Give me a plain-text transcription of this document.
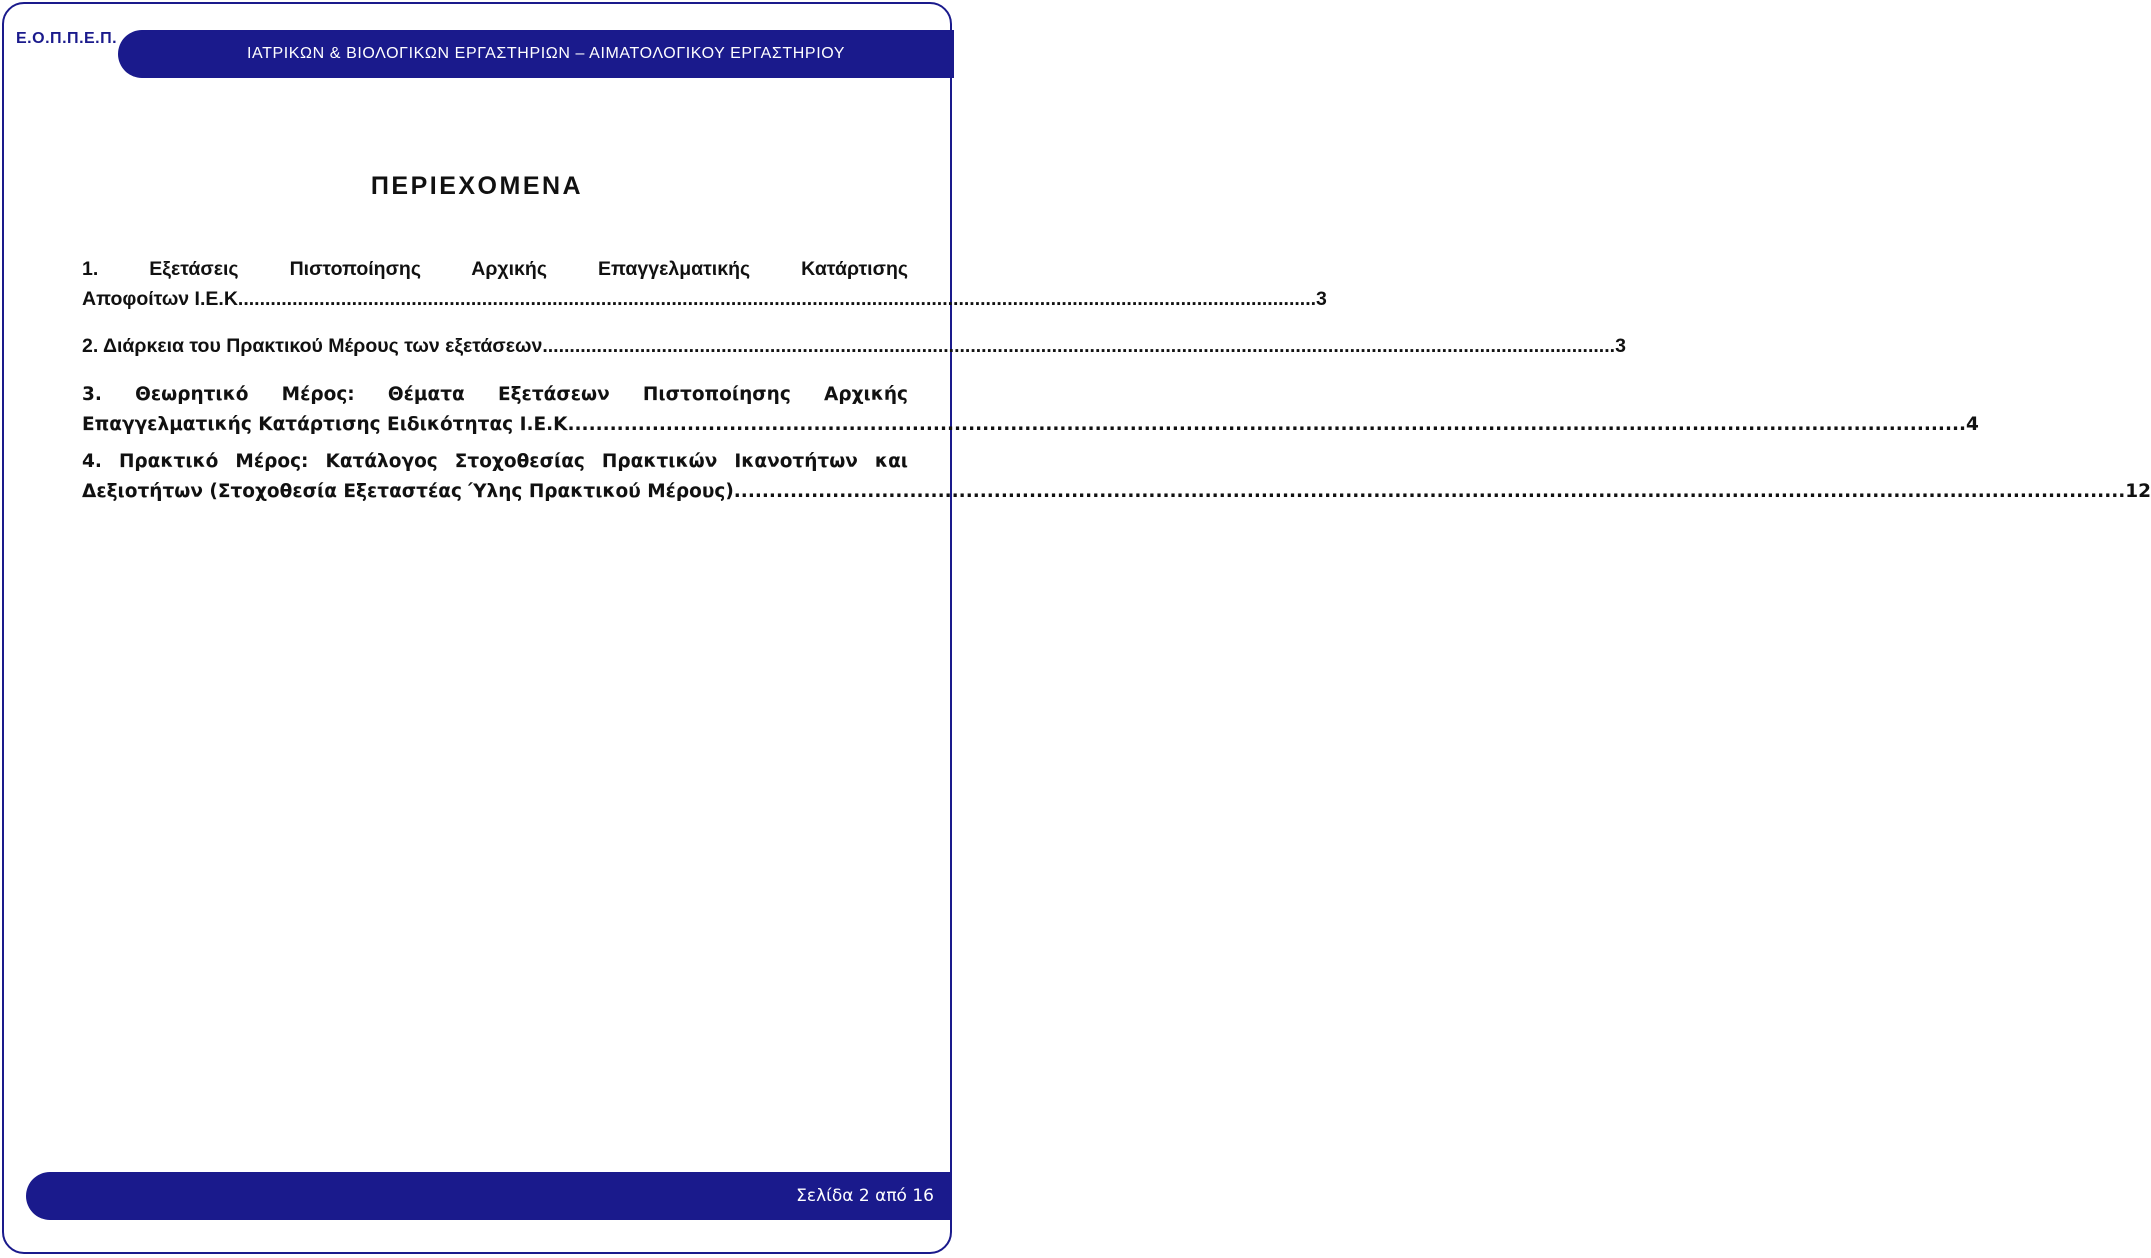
Ε.Ο.Π.Π.Ε.Π.
ΙΑΤΡΙΚΩΝ & ΒΙΟΛΟΓΙΚΩΝ ΕΡΓΑΣΤΗΡΙΩΝ – ΑΙΜΑΤΟΛΟΓΙΚΟΥ ΕΡΓΑΣΤΗΡΙΟΥ
ΠΕΡΙΕΧΟΜΕΝΑ
1. Εξετάσεις Πιστοποίησης Αρχικής Επαγγελματικής Κατάρτισης
Αποφοίτων Ι.Ε.Κ. ...................................................................................................................................................................................................... 3
2. Διάρκεια του Πρακτικού Μέρους των εξετάσεων ...................................................................................................................................................................................................... 3
3. Θεωρητικό Μέρος: Θέματα Εξετάσεων Πιστοποίησης Αρχικής
Επαγγελματικής Κατάρτισης Ειδικότητας Ι.Ε.Κ. ...................................................................................................................................................................................................... 4
4. Πρακτικό Μέρος: Κατάλογος Στοχοθεσίας Πρακτικών Ικανοτήτων και
Δεξιοτήτων (Στοχοθεσία Εξεταστέας Ύλης Πρακτικού Μέρους) ...................................................................................................................................................................................................... 12
Σελίδα 2 από 16
